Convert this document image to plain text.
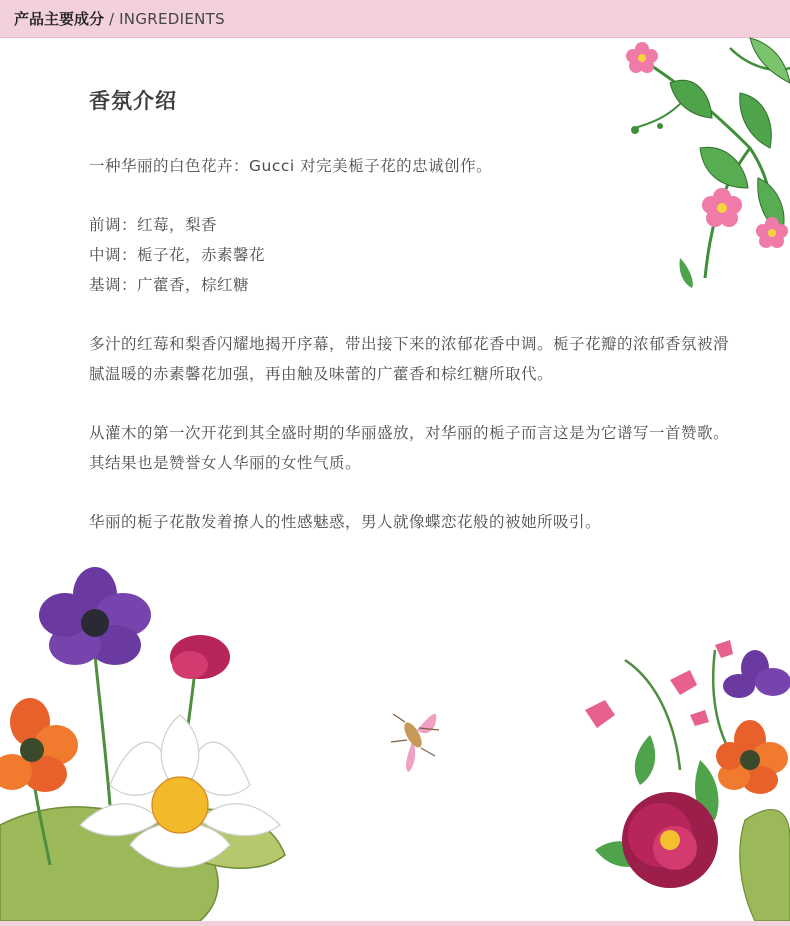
产品主要成分 / INGREDIENTS
香氛介绍

一种华丽的白色花卉：Gucci 对完美栀子花的忠诚创作。

前调：红莓，梨香
中调：栀子花，赤素馨花
基调：广藿香，棕红糖

多汁的红莓和梨香闪耀地揭开序幕，带出接下来的浓郁花香中调。栀子花瓣的浓郁香氛被滑腻温暖的赤素馨花加强，再由触及味蕾的广藿香和棕红糖所取代。

从灌木的第一次开花到其全盛时期的华丽盛放，对华丽的栀子而言这是为它谱写一首赞歌。其结果也是赞誉女人华丽的女性气质。

华丽的栀子花散发着撩人的性感魅惑，男人就像蝶恋花般的被她所吸引。
